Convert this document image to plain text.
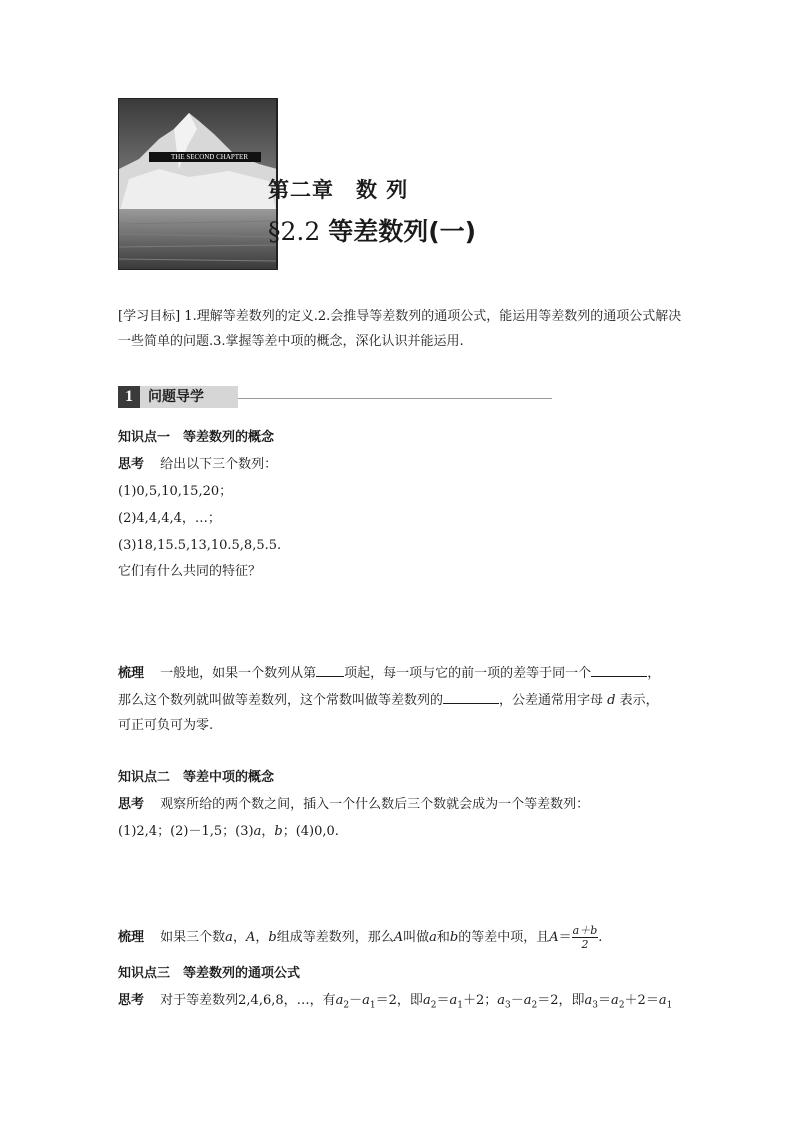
THE SECOND CHAPTER
第二章　数 列
§2.2 等差数列(一)
[学习目标] 1.理解等差数列的定义.2.会推导等差数列的通项公式，能运用等差数列的通项公式解决一些简单的问题.3.掌握等差中项的概念，深化认识并能运用.
1	问题导学
知识点一　等差数列的概念
思考 给出以下三个数列：
(1)0,5,10,15,20；
(2)4,4,4,4，…；
(3)18,15.5,13,10.5,8,5.5.
它们有什么共同的特征？
梳理 一般地，如果一个数列从第 项起，每一项与它的前一项的差等于同一个	，
那么这个数列就叫做等差数列，这个常数叫做等差数列的	，公差通常用字母 d 表示，
可正可负可为零.
知识点二　等差中项的概念
思考 观察所给的两个数之间，插入一个什么数后三个数就会成为一个等差数列：
(1)2,4；(2)－1,5；(3)a，b；(4)0,0.
梳理 如果三个数a，A，b组成等差数列，那么A叫做a和b的等差中项，且$A= \frac{a+b}{2}$ .
知识点三　等差数列的通项公式
思考 对于等差数列2,4,6,8，…，有$a_2-a_1=2$，即$a_2=a_1+2$；$a_3-a_2=2$，即$a_3=a_2+2=a_1$
